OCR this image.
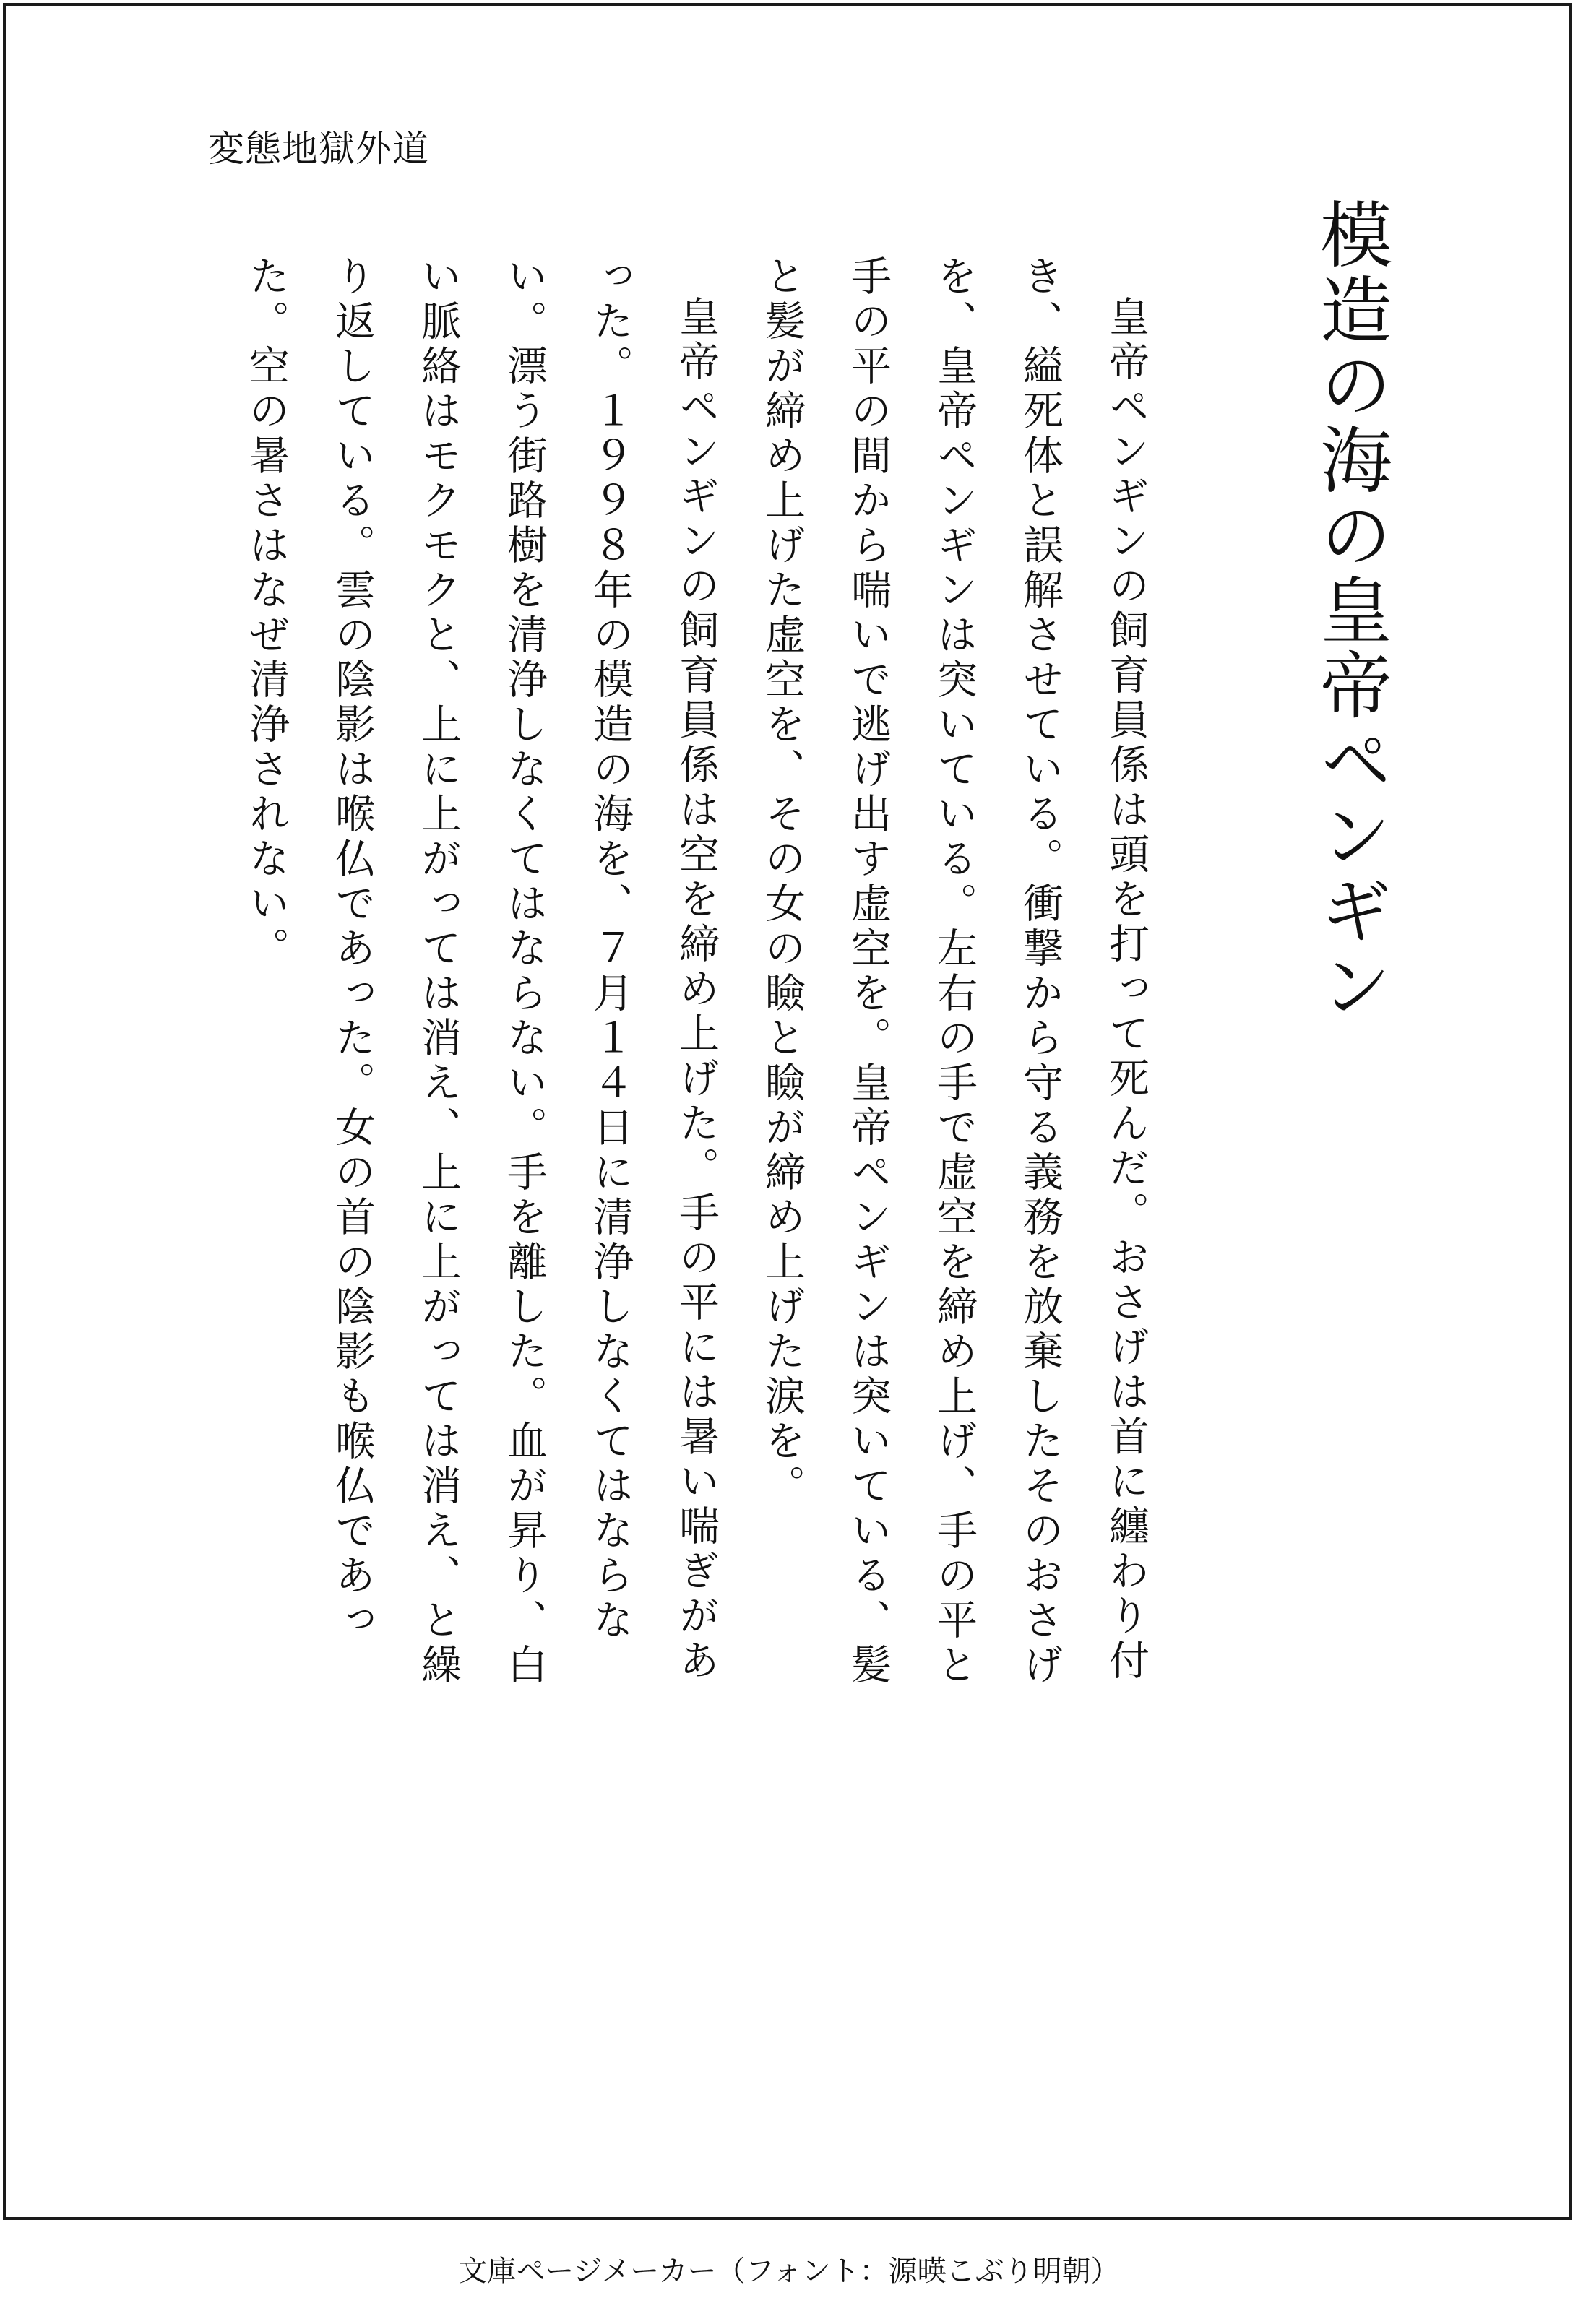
変態地獄外道
模造の海の皇帝ペンギン

皇帝ペンギンの飼育員係は頭を打って死んだ。おさげは首に纏わり付き、縊死体と誤解させている。衝撃から守る義務を放棄したそのおさげを、皇帝ペンギンは突いている。左右の手で虚空を締め上げ、手の平と手の平の間から喘いで逃げ出す虚空を。皇帝ペンギンは突いている、髪と髪が締め上げた虚空を、その女の瞼と瞼が締め上げた涙を。

皇帝ペンギンの飼育員係は空を締め上げた。手の平には暑い喘ぎがあった。１９９８年の模造の海を、７月１４日に清浄しなくてはならない。漂う街路樹を清浄しなくてはならない。手を離した。血が昇り、白い脈絡はモクモクと、上に上がっては消え、上に上がっては消え、と繰り返している。雲の陰影は喉仏であった。女の首の陰影も喉仏であった。空の暑さはなぜ清浄されない。

文庫ページメーカー（フォント：源暎こぶり明朝）
